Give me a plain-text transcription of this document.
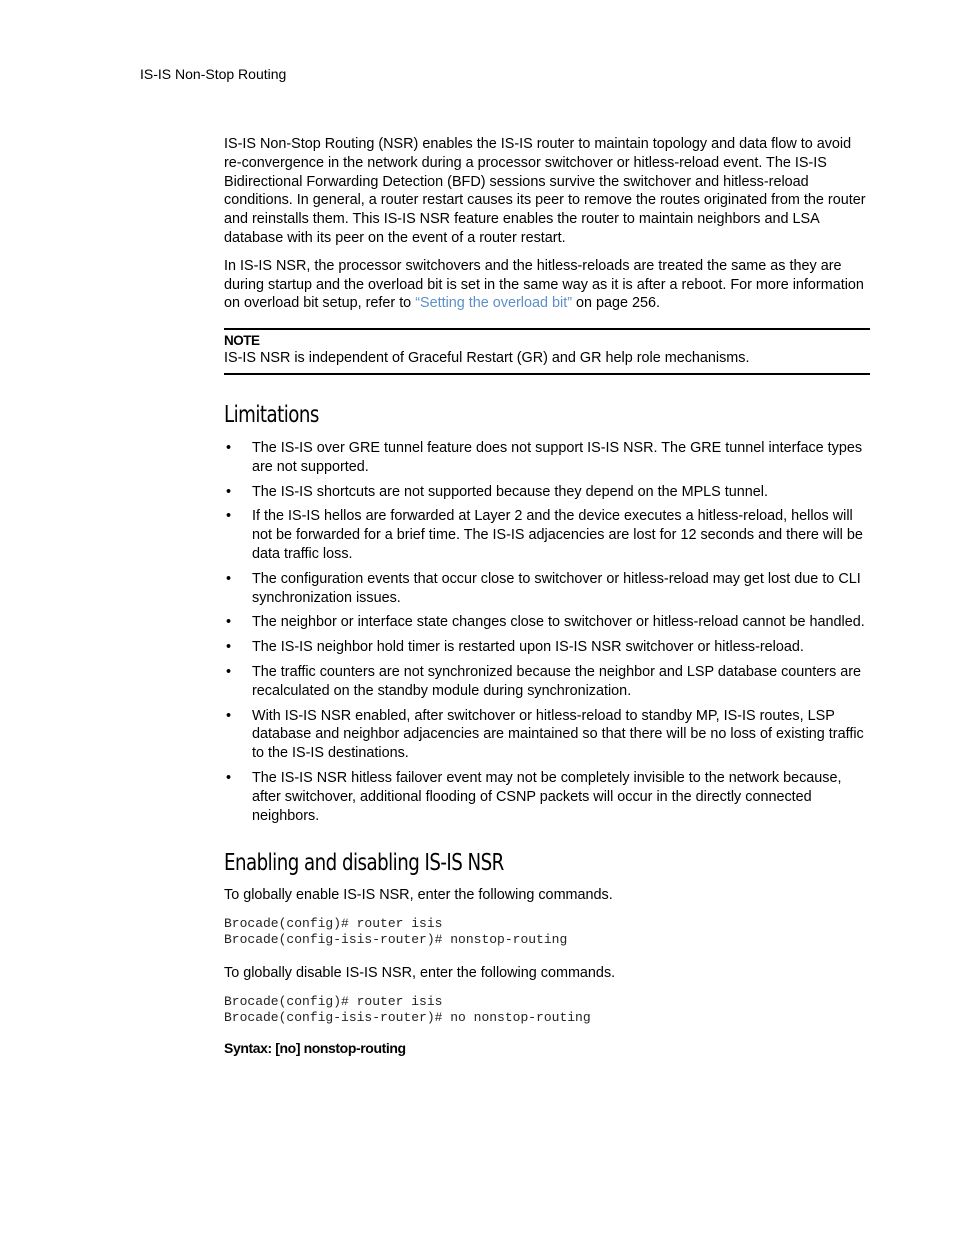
IS-IS Non-Stop Routing

IS-IS Non-Stop Routing (NSR) enables the IS-IS router to maintain topology and data flow to avoid re-convergence in the network during a processor switchover or hitless-reload event. The IS-IS Bidirectional Forwarding Detection (BFD) sessions survive the switchover and hitless-reload conditions. In general, a router restart causes its peer to remove the routes originated from the router and reinstalls them. This IS-IS NSR feature enables the router to maintain neighbors and LSA database with its peer on the event of a router restart.

In IS-IS NSR, the processor switchovers and the hitless-reloads are treated the same as they are during startup and the overload bit is set in the same way as it is after a reboot. For more information on overload bit setup, refer to “Setting the overload bit” on page 256.

NOTE

IS-IS NSR is independent of Graceful Restart (GR) and GR help role mechanisms.

Limitations
• The IS-IS over GRE tunnel feature does not support IS-IS NSR. The GRE tunnel interface types are not supported.
• The IS-IS shortcuts are not supported because they depend on the MPLS tunnel.
• If the IS-IS hellos are forwarded at Layer 2 and the device executes a hitless-reload, hellos will not be forwarded for a brief time. The IS-IS adjacencies are lost for 12 seconds and there will be data traffic loss.
• The configuration events that occur close to switchover or hitless-reload may get lost due to CLI synchronization issues.
• The neighbor or interface state changes close to switchover or hitless-reload cannot be handled.
• The IS-IS neighbor hold timer is restarted upon IS-IS NSR switchover or hitless-reload.
• The traffic counters are not synchronized because the neighbor and LSP database counters are recalculated on the standby module during synchronization.
• With IS-IS NSR enabled, after switchover or hitless-reload to standby MP, IS-IS routes, LSP database and neighbor adjacencies are maintained so that there will be no loss of existing traffic to the IS-IS destinations.
• The IS-IS NSR hitless failover event may not be completely invisible to the network because, after switchover, additional flooding of CSNP packets will occur in the directly connected neighbors.
Enabling and disabling IS-IS NSR

To globally enable IS-IS NSR, enter the following commands.

Brocade(config)# router isis
Brocade(config-isis-router)# nonstop-routing

To globally disable IS-IS NSR, enter the following commands.

Brocade(config)# router isis
Brocade(config-isis-router)# no nonstop-routing
Syntax: [no] nonstop-routing
